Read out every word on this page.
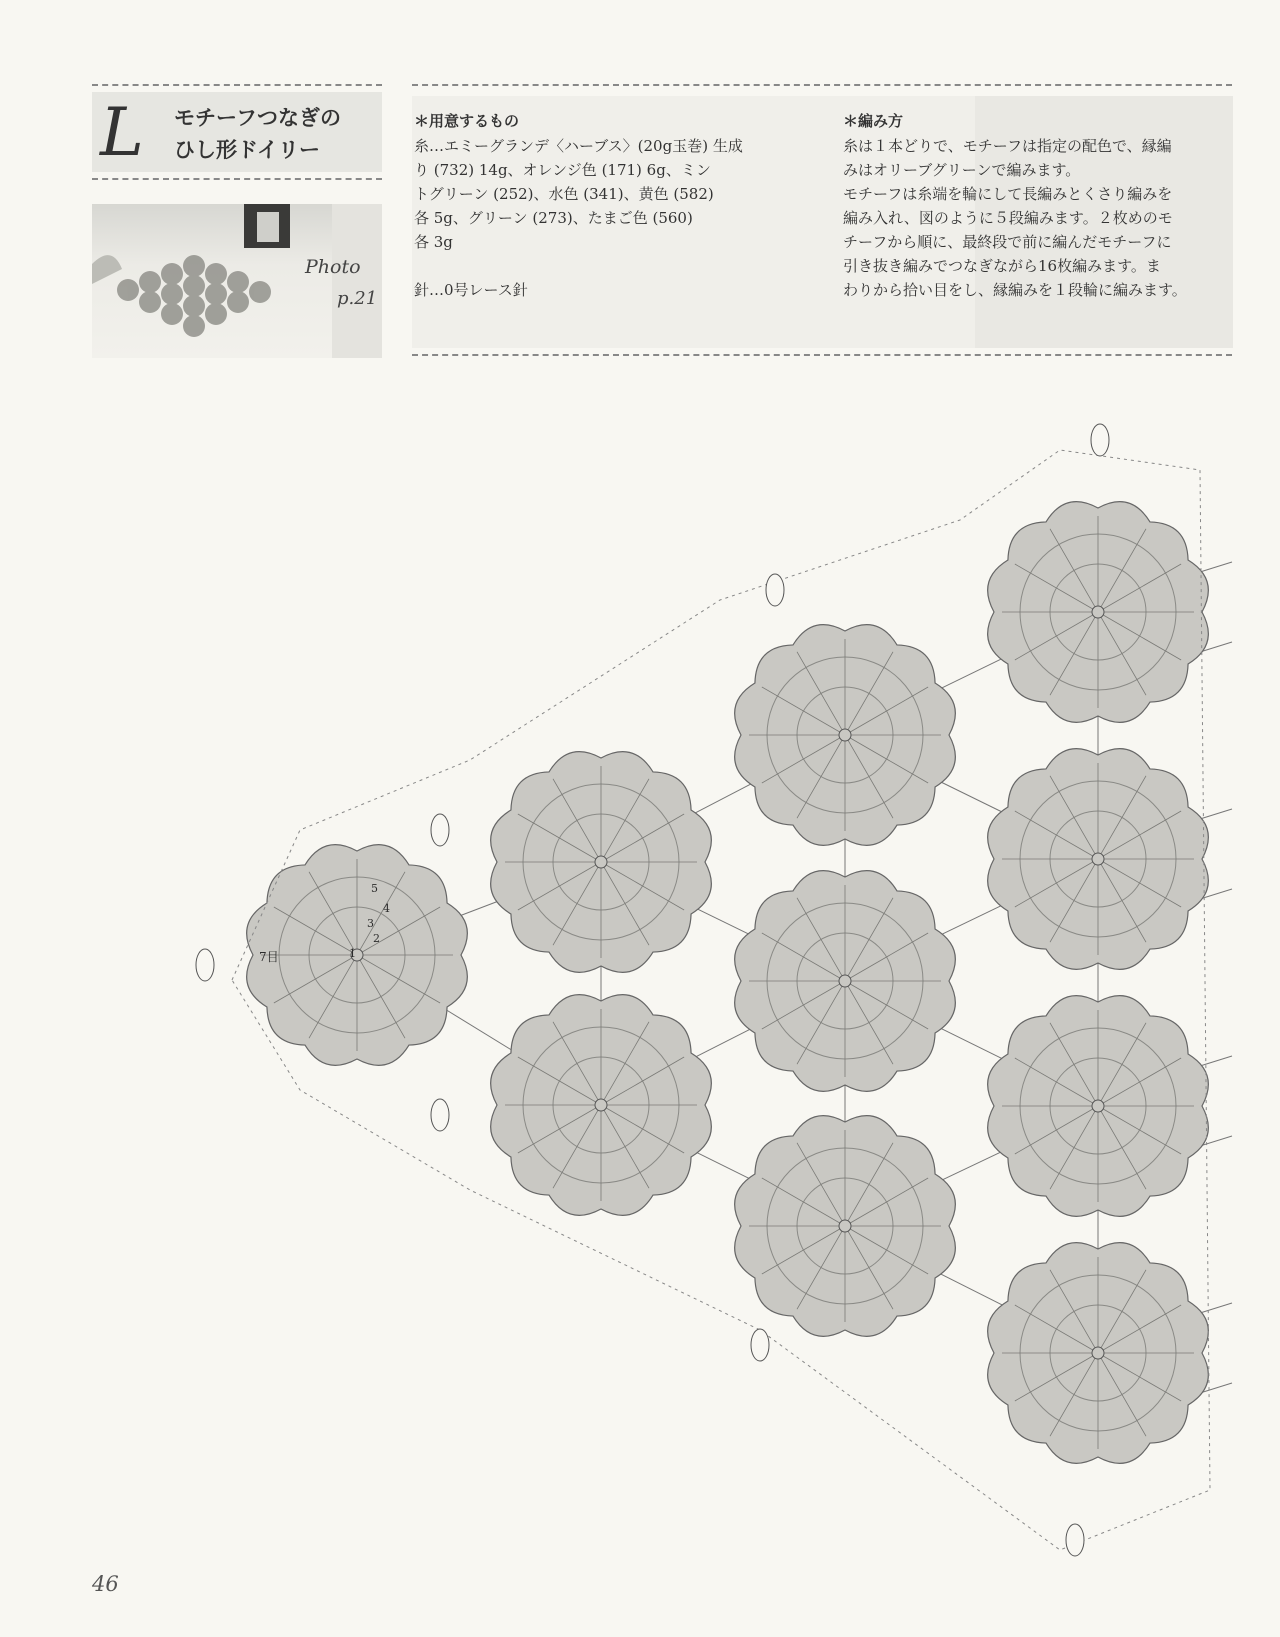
L モチーフつなぎの
ひし形ドイリー
Photo
p.21
＊用意するもの
糸…エミーグランデ〈ハーブス〉(20g玉巻) 生成
り (732) 14g、オレンジ色 (171) 6g、ミン
トグリーン (252)、水色 (341)、黄色 (582)
各 5g、グリーン (273)、たまご色 (560)
各 3g
針…0号レース針
＊編み方
糸は１本どりで、モチーフは指定の配色で、縁編
みはオリーブグリーンで編みます。
モチーフは糸端を輪にして長編みとくさり編みを
編み入れ、図のように５段編みます。２枚めのモ
チーフから順に、最終段で前に編んだモチーフに
引き抜き編みでつなぎながら16枚編みます。ま
わりから拾い目をし、縁編みを１段輪に編みます。
5
4
3
2
1
7目
46
